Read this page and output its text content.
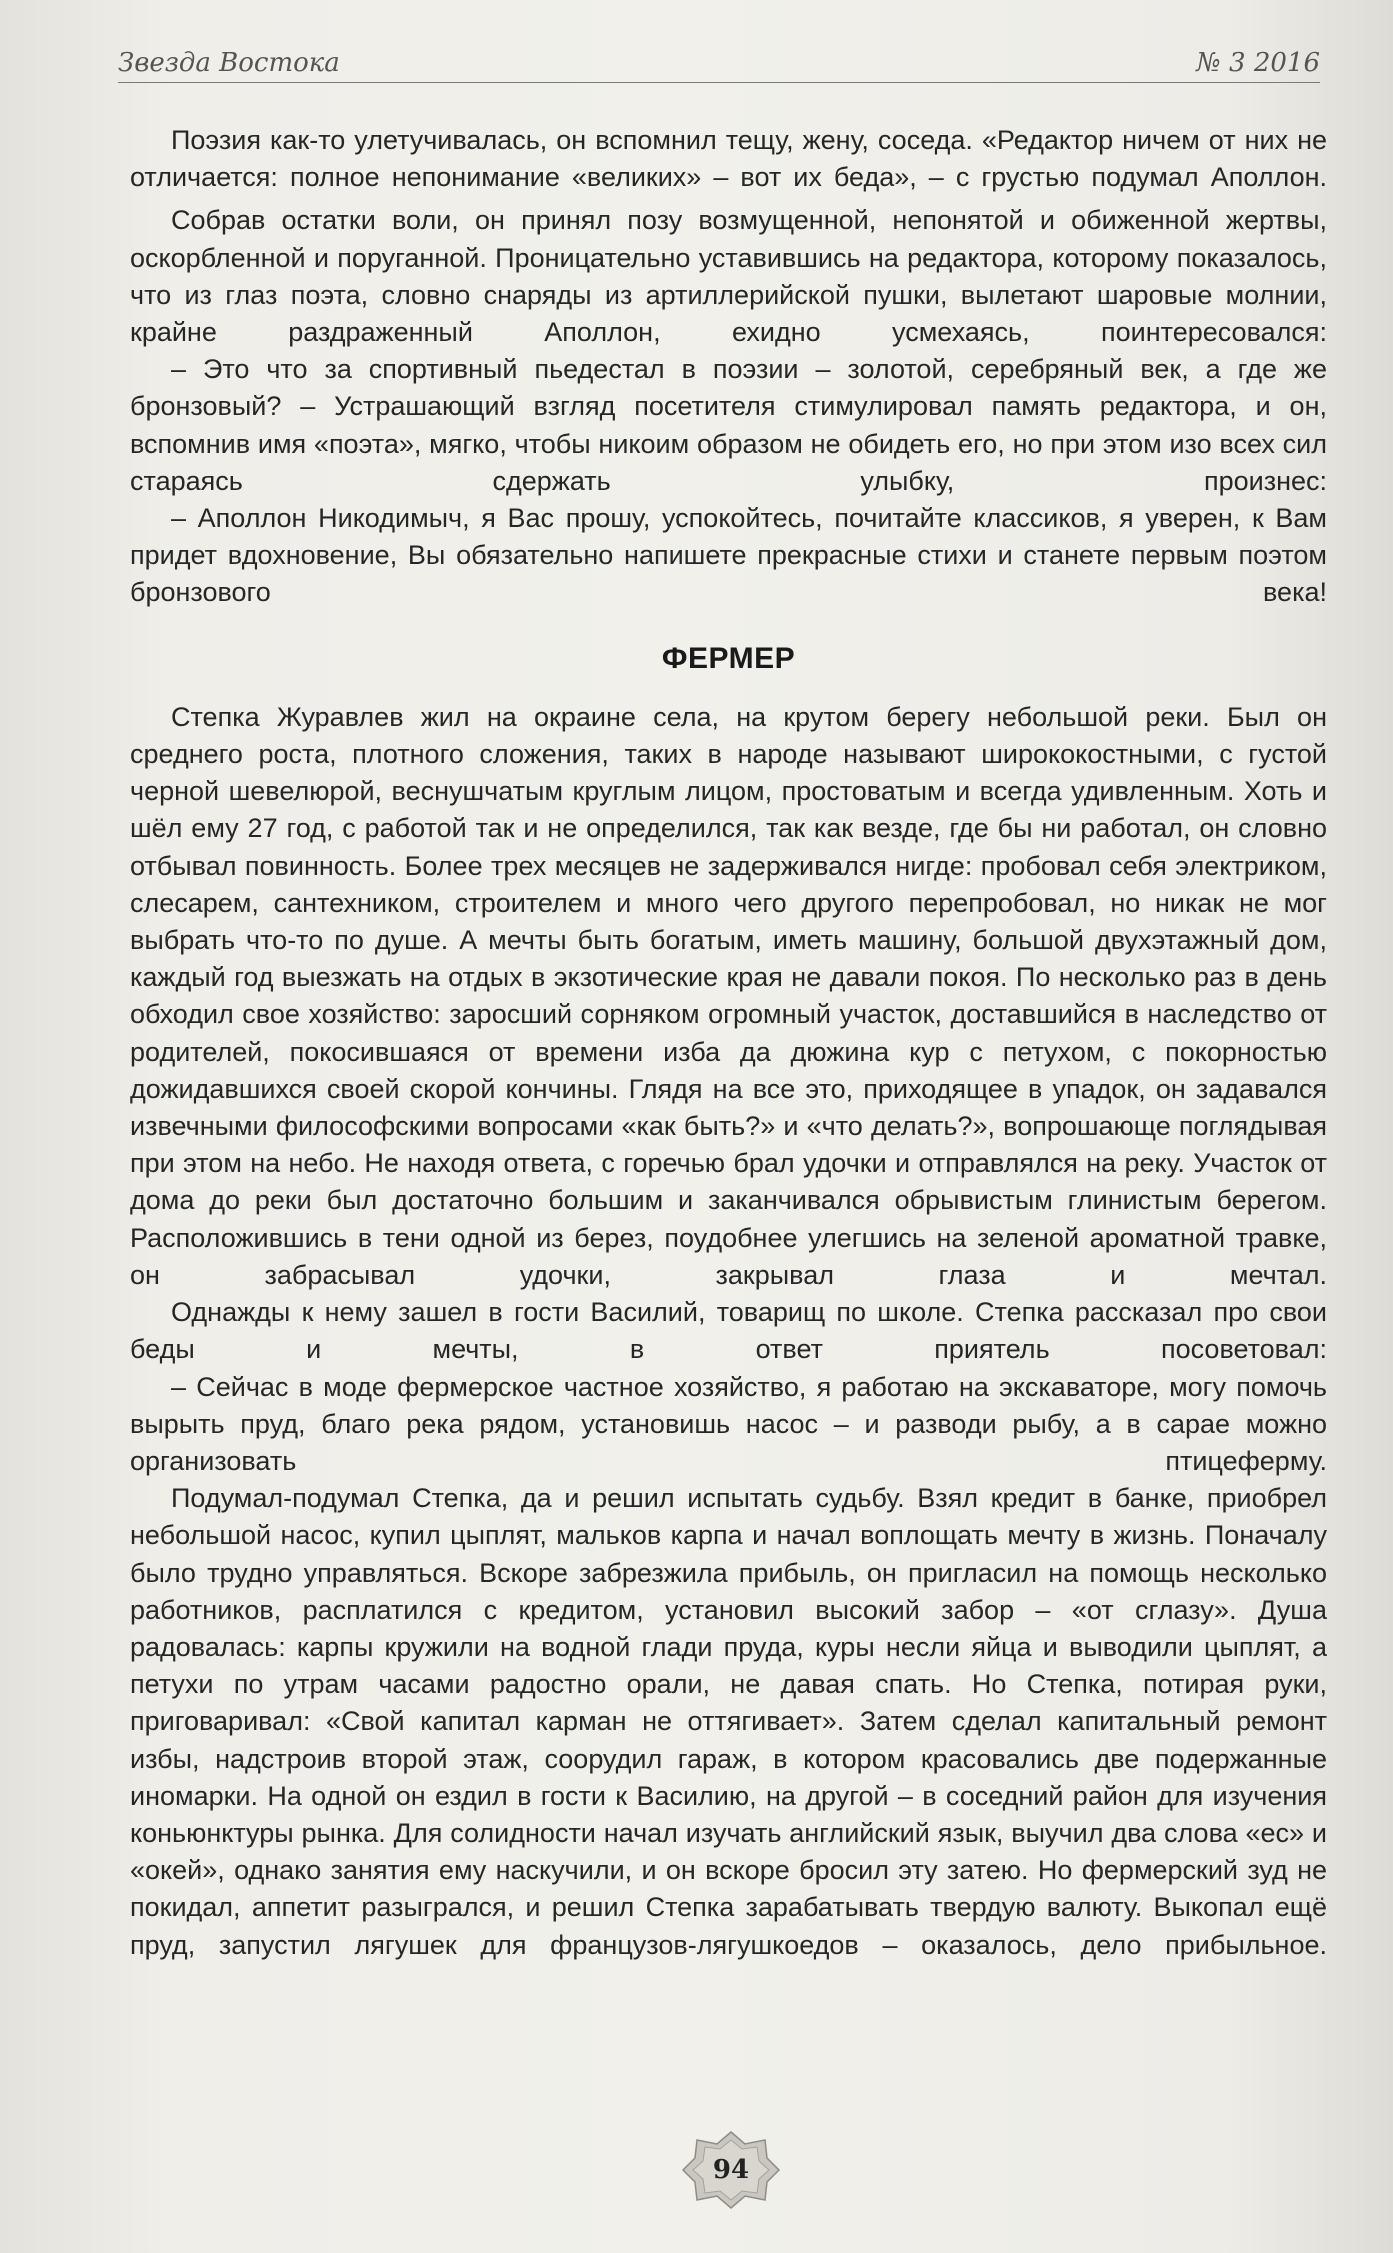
Звезда Востока	№ 3 2016

Поэзия как-то улетучивалась, он вспомнил тещу, жену, соседа. «Редактор ничем от них не отличается: полное непонимание «великих» – вот их беда», – с грустью подумал Аполлон.

Собрав остатки воли, он принял позу возмущенной, непонятой и обиженной жертвы, оскорбленной и поруганной. Проницательно уставившись на редактора, которому показалось, что из глаз поэта, словно снаряды из артиллерийской пушки, вылетают шаровые молнии, крайне раздраженный Аполлон, ехидно усмехаясь, поинтересовался:

– Это что за спортивный пьедестал в поэзии – золотой, серебряный век, а где же бронзовый? – Устрашающий взгляд посетителя стимулировал память редактора, и он, вспомнив имя «поэта», мягко, чтобы никоим образом не обидеть его, но при этом изо всех сил стараясь сдержать улыбку, произнес:

– Аполлон Никодимыч, я Вас прошу, успокойтесь, почитайте классиков, я уверен, к Вам придет вдохновение, Вы обязательно напишете прекрасные стихи и станете первым поэтом бронзового века!

ФЕРМЕР

Степка Журавлев жил на окраине села, на крутом берегу небольшой реки. Был он среднего роста, плотного сложения, таких в народе называют ширококостными, с густой черной шевелюрой, веснушчатым круглым лицом, простоватым и всегда удивленным. Хоть и шёл ему 27 год, с работой так и не определился, так как везде, где бы ни работал, он словно отбывал повинность. Более трех месяцев не задерживался нигде: пробовал себя электриком, слесарем, сантехником, строителем и много чего другого перепробовал, но никак не мог выбрать что-то по душе. А мечты быть богатым, иметь машину, большой двухэтажный дом, каждый год выезжать на отдых в экзотические края не давали покоя. По несколько раз в день обходил свое хозяйство: заросший сорняком огромный участок, доставшийся в наследство от родителей, покосившаяся от времени изба да дюжина кур с петухом, с покорностью дожидавшихся своей скорой кончины. Глядя на все это, приходящее в упадок, он задавался извечными философскими вопросами «как быть?» и «что делать?», вопрошающе поглядывая при этом на небо. Не находя ответа, с горечью брал удочки и отправлялся на реку. Участок от дома до реки был достаточно большим и заканчивался обрывистым глинистым берегом. Расположившись в тени одной из берез, поудобнее улегшись на зеленой ароматной травке, он забрасывал удочки, закрывал глаза и мечтал.

Однажды к нему зашел в гости Василий, товарищ по школе. Степка рассказал про свои беды и мечты, в ответ приятель посоветовал:

– Сейчас в моде фермерское частное хозяйство, я работаю на экскаваторе, могу помочь вырыть пруд, благо река рядом, установишь насос – и разводи рыбу, а в сарае можно организовать птицеферму.

Подумал-подумал Степка, да и решил испытать судьбу. Взял кредит в банке, приобрел небольшой насос, купил цыплят, мальков карпа и начал воплощать мечту в жизнь. Поначалу было трудно управляться. Вскоре забрезжила прибыль, он пригласил на помощь несколько работников, расплатился с кредитом, установил высокий забор – «от сглазу». Душа радовалась: карпы кружили на водной глади пруда, куры несли яйца и выводили цыплят, а петухи по утрам часами радостно орали, не давая спать. Но Степка, потирая руки, приговаривал: «Свой капитал карман не оттягивает». Затем сделал капитальный ремонт избы, надстроив второй этаж, соорудил гараж, в котором красовались две подержанные иномарки. На одной он ездил в гости к Василию, на другой – в соседний район для изучения коньюнктуры рынка. Для солидности начал изучать английский язык, выучил два слова «ес» и «окей», однако занятия ему наскучили, и он вскоре бросил эту затею. Но фермерский зуд не покидал, аппетит разыгрался, и решил Степка зарабатывать твердую валюту. Выкопал ещё пруд, запустил лягушек для французов-лягушкоедов – оказалось, дело прибыльное.

94
